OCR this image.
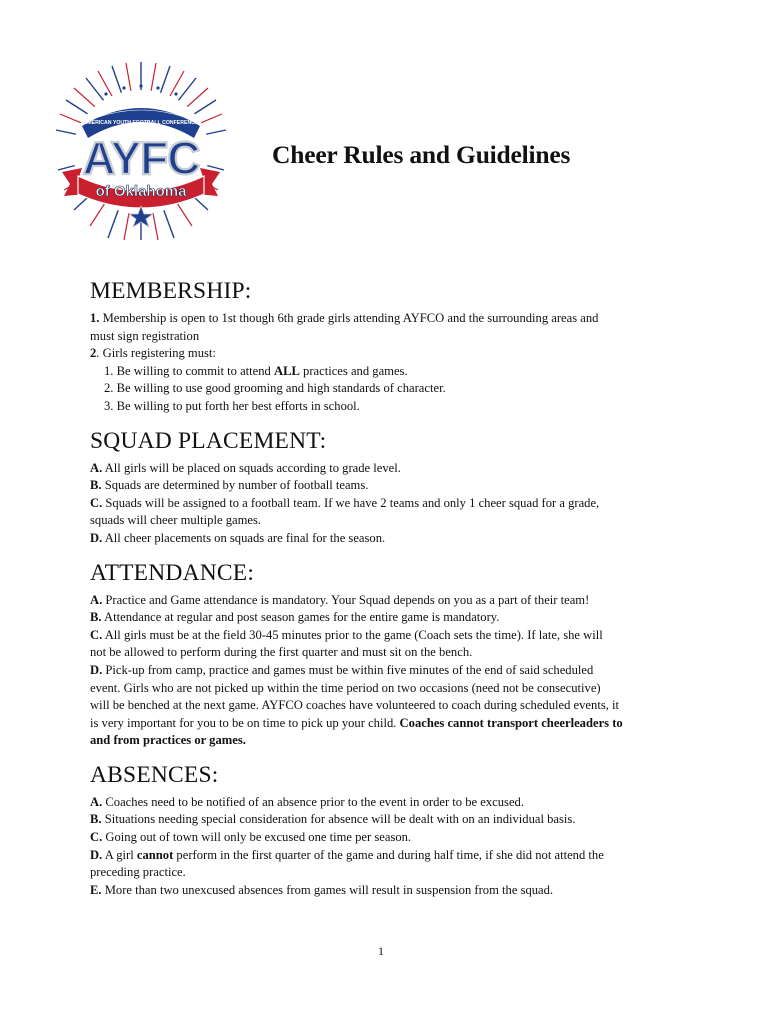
AMERICAN YOUTH FOOTBALL CONFERENCE
AYFC
of Oklahoma
Cheer Rules and Guidelines
MEMBERSHIP:

1. Membership is open to 1st though 6th grade girls attending AYFCO and the surrounding areas and

must sign registration

2. Girls registering must:

1. Be willing to commit to attend ALL practices and games.

2. Be willing to use good grooming and high standards of character.

3. Be willing to put forth her best efforts in school.

SQUAD PLACEMENT:

A. All girls will be placed on squads according to grade level.

B. Squads are determined by number of football teams.

C. Squads will be assigned to a football team. If we have 2 teams and only 1 cheer squad for a grade,

squads will cheer multiple games.

D. All cheer placements on squads are final for the season.

ATTENDANCE:

A. Practice and Game attendance is mandatory. Your Squad depends on you as a part of their team!

B. Attendance at regular and post season games for the entire game is mandatory.

C. All girls must be at the field 30-45 minutes prior to the game (Coach sets the time). If late, she will

not be allowed to perform during the first quarter and must sit on the bench.

D. Pick-up from camp, practice and games must be within five minutes of the end of said scheduled

event. Girls who are not picked up within the time period on two occasions (need not be consecutive)

will be benched at the next game. AYFCO coaches have volunteered to coach during scheduled events, it

is very important for you to be on time to pick up your child. Coaches cannot transport cheerleaders to

and from practices or games.

ABSENCES:

A. Coaches need to be notified of an absence prior to the event in order to be excused.

B. Situations needing special consideration for absence will be dealt with on an individual basis.

C. Going out of town will only be excused one time per season.

D. A girl cannot perform in the first quarter of the game and during half time, if she did not attend the

preceding practice.

E. More than two unexcused absences from games will result in suspension from the squad.

1
